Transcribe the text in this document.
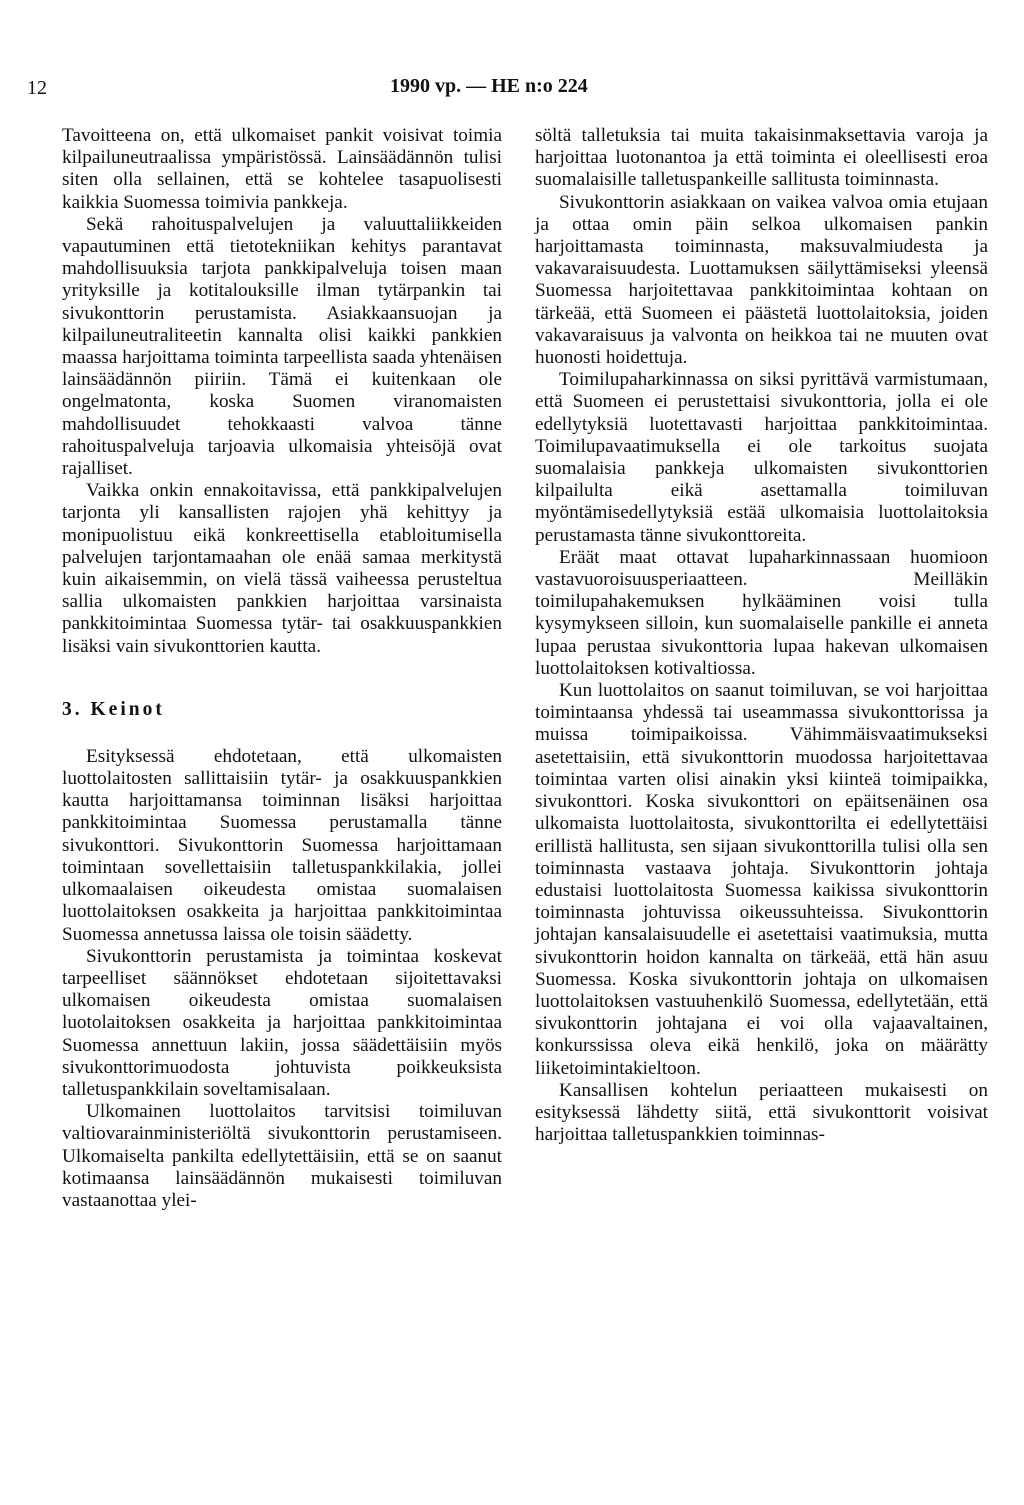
12	1990 vp. — HE n:o 224

Tavoitteena on, että ulkomaiset pankit voisivat toimia kilpailuneutraalissa ympäristössä. Lainsäädännön tulisi siten olla sellainen, että se kohtelee tasapuolisesti kaikkia Suomessa toimivia pankkeja.

Sekä rahoituspalvelujen ja valuuttaliikkeiden vapautuminen että tietotekniikan kehitys parantavat mahdollisuuksia tarjota pankkipalveluja toisen maan yrityksille ja kotitalouksille ilman tytärpankin tai sivukonttorin perustamista. Asiakkaansuojan ja kilpailuneutraliteetin kannalta olisi kaikki pankkien maassa harjoittama toiminta tarpeellista saada yhtenäisen lainsäädännön piiriin. Tämä ei kuitenkaan ole ongelmatonta, koska Suomen viranomaisten mahdollisuudet tehokkaasti valvoa tänne rahoituspalveluja tarjoavia ulkomaisia yhteisöjä ovat rajalliset.

Vaikka onkin ennakoitavissa, että pankkipalvelujen tarjonta yli kansallisten rajojen yhä kehittyy ja monipuolistuu eikä konkreettisella etabloitumisella palvelujen tarjontamaahan ole enää samaa merkitystä kuin aikaisemmin, on vielä tässä vaiheessa perusteltua sallia ulkomaisten pankkien harjoittaa varsinaista pankkitoimintaa Suomessa tytär- tai osakkuuspankkien lisäksi vain sivukonttorien kautta.

3. Keinot

Esityksessä ehdotetaan, että ulkomaisten luottolaitosten sallittaisiin tytär- ja osakkuuspankkien kautta harjoittamansa toiminnan lisäksi harjoittaa pankkitoimintaa Suomessa perustamalla tänne sivukonttori. Sivukonttorin Suomessa harjoittamaan toimintaan sovellettaisiin talletuspankkilakia, jollei ulkomaalaisen oikeudesta omistaa suomalaisen luottolaitoksen osakkeita ja harjoittaa pankkitoimintaa Suomessa annetussa laissa ole toisin säädetty.

Sivukonttorin perustamista ja toimintaa koskevat tarpeelliset säännökset ehdotetaan sijoitettavaksi ulkomaisen oikeudesta omistaa suomalaisen luotolaitoksen osakkeita ja harjoittaa pankkitoimintaa Suomessa annettuun lakiin, jossa säädettäisiin myös sivukonttorimuodosta johtuvista poikkeuksista talletuspankkilain soveltamisalaan.

Ulkomainen luottolaitos tarvitsisi toimiluvan valtiovarainministeriöltä sivukonttorin perustamiseen. Ulkomaiselta pankilta edellytettäisiin, että se on saanut kotimaansa lainsäädännön mukaisesti toimiluvan vastaanottaa ylei-

söltä talletuksia tai muita takaisinmaksettavia varoja ja harjoittaa luotonantoa ja että toiminta ei oleellisesti eroa suomalaisille talletuspankeille sallitusta toiminnasta.

Sivukonttorin asiakkaan on vaikea valvoa omia etujaan ja ottaa omin päin selkoa ulkomaisen pankin harjoittamasta toiminnasta, maksuvalmiudesta ja vakavaraisuudesta. Luottamuksen säilyttämiseksi yleensä Suomessa harjoitettavaa pankkitoimintaa kohtaan on tärkeää, että Suomeen ei päästetä luottolaitoksia, joiden vakavaraisuus ja valvonta on heikkoa tai ne muuten ovat huonosti hoidettuja.

Toimilupaharkinnassa on siksi pyrittävä varmistumaan, että Suomeen ei perustettaisi sivukonttoria, jolla ei ole edellytyksiä luotettavasti harjoittaa pankkitoimintaa. Toimilupavaatimuksella ei ole tarkoitus suojata suomalaisia pankkeja ulkomaisten sivukonttorien kilpailulta eikä asettamalla toimiluvan myöntämisedellytyksiä estää ulkomaisia luottolaitoksia perustamasta tänne sivukonttoreita.

Eräät maat ottavat lupaharkinnassaan huomioon vastavuoroisuusperiaatteen. Meilläkin toimilupahakemuksen hylkääminen voisi tulla kysymykseen silloin, kun suomalaiselle pankille ei anneta lupaa perustaa sivukonttoria lupaa hakevan ulkomaisen luottolaitoksen kotivaltiossa.

Kun luottolaitos on saanut toimiluvan, se voi harjoittaa toimintaansa yhdessä tai useammassa sivukonttorissa ja muissa toimipaikoissa. Vähimmäisvaatimukseksi asetettaisiin, että sivukonttorin muodossa harjoitettavaa toimintaa varten olisi ainakin yksi kiinteä toimipaikka, sivukonttori. Koska sivukonttori on epäitsenäinen osa ulkomaista luottolaitosta, sivukonttorilta ei edellytettäisi erillistä hallitusta, sen sijaan sivukonttorilla tulisi olla sen toiminnasta vastaava johtaja. Sivukonttorin johtaja edustaisi luottolaitosta Suomessa kaikissa sivukonttorin toiminnasta johtuvissa oikeussuhteissa. Sivukonttorin johtajan kansalaisuudelle ei asetettaisi vaatimuksia, mutta sivukonttorin hoidon kannalta on tärkeää, että hän asuu Suomessa. Koska sivukonttorin johtaja on ulkomaisen luottolaitoksen vastuuhenkilö Suomessa, edellytetään, että sivukonttorin johtajana ei voi olla vajaavaltainen, konkurssissa oleva eikä henkilö, joka on määrätty liiketoimintakieltoon.

Kansallisen kohtelun periaatteen mukaisesti on esityksessä lähdetty siitä, että sivukonttorit voisivat harjoittaa talletuspankkien toiminnas-
